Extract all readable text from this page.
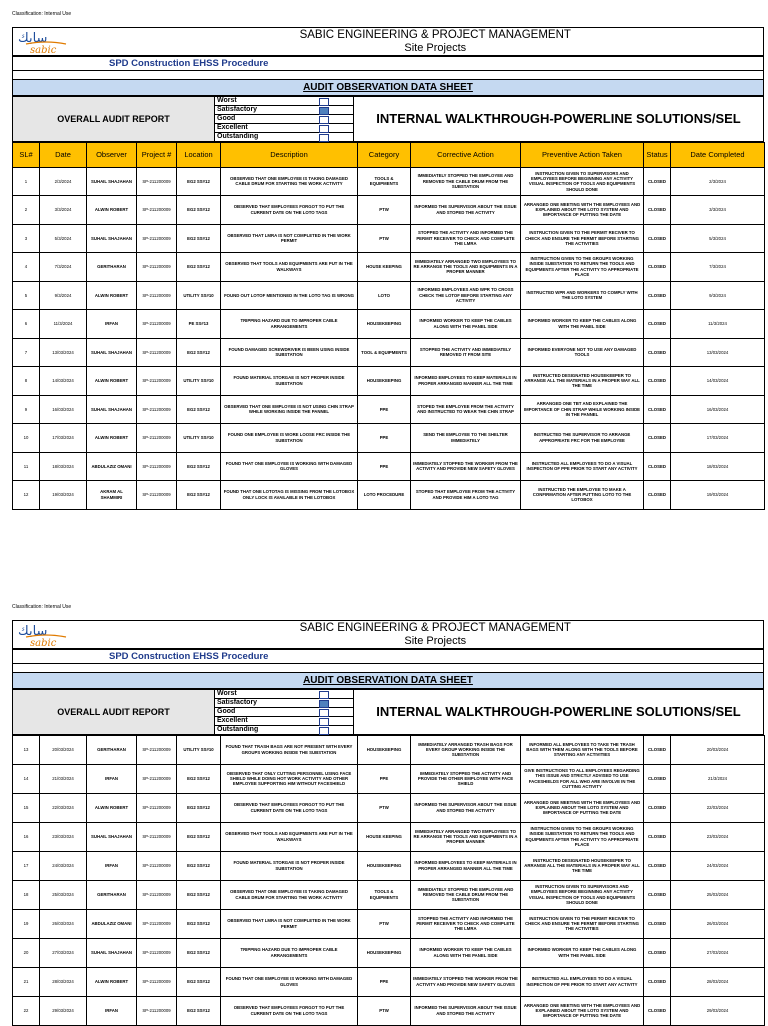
Classification: Internal Use
سابك
sabic

SABIC ENGINEERING & PROJECT MANAGEMENT
Site Projects
SPD Construction EHSS Procedure

AUDIT OBSERVATION DATA SHEET
OVERALL AUDIT REPORT	Worst
	INTERNAL WALKTHROUGH-POWERLINE SOLUTIONS/SEL
Satisfactory

Good

Excellent

Outstanding
SL#	Date	Observer	Project #	Location	Description	Category	Corrective Action	Preventive Action Taken	Status	Date Completed
1	2/3/2024	SUHAIL SHAJAHAN	SP-211200009	EG2 SS#12	OBSERVED THAT ONE EMPLOYEE IS TAKING DAMAGED CABLE DRUM FOR STARTING THE WORK ACTIVITY	TOOLS & EQUIPMENTS	IMMEDIATELY STOPPED THE EMPLOYEE AND REMOVED THE CABLE DRUM FROM THE SUBSTATION	INSTRUCTION GIVEN TO SUPERVISORS AND EMPLOYEES BEFORE BEGINNING ANY ACTIVITY VISUAL INSPECTION OF TOOLS AND EQUIPMENTS SHOULD DONE	CLOSED	2/3/2024
2	3/3/2024	ALWIN ROBERT	SP-211200009	EG2 SS#12	OBSERVED THAT EMPLOYEES FORGOT TO PUT THE CURRENT DATE ON THE LOTO TAGS	PTW	INFORMED THE SUPERVISOR ABOUT THE ISSUE AND STOPED THE ACTIVITY	ARRANGED ONE MEETING WITH THE EMPLOYEES AND EXPLAINED ABOUT THE LOTO SYSTEM AND IMPORTANCE OF PUTTING THE DATE	CLOSED	3/3/2024
3	5/3/2024	SUHAIL SHAJAHAN	SP-211200009	EG2 SS#12	OBSERVED THAT LMRA IS NOT COMPLETED IN THE WORK PERMIT	PTW	STOPPED THE ACTIVITY AND INFORMED THE PERMIT RECEIVER TO CHECK AND COMPLETE THE LMRA	INSTRUCTION GIVEN TO THE PERMIT RECIVER TO CHECK AND ENSURE THE PERMIT BEFORE STARTING THE ACTIVITIES	CLOSED	5/3/2024
4	7/3/2024	GERITHARAN	SP-211200009	EG2 SS#12	OBSERVED THAT TOOLS AND EQUIPMENTS ARE PUT IN THE WALKWAYS	HOUSE KEEPING	IMMEDIATELY ARRANGED TWO EMPLOYEES TO RE ARRANGE THE TOOLS AND EQUIPMENTS IN A PROPER MANNER	INSTRUCTION GIVEN TO THE GROUPS WORKING INSIDE SUBSTATION TO RETURN THE TOOLS AND EQUIPMENTS AFTER THE ACTIVITY TO APPROPRIATE PLACE	CLOSED	7/3/2024
5	9/3/2024	ALWIN ROBERT	SP-211200009	UTILITY SS#10	FOUND OUT LOTOF MENTIONED IN THE LOTO TAG IS WRONG	LOTO	INFORMED EMPLOYEES AND WPR TO CROSS CHECK THE LOTOF BEFORE STARTING ANY ACTIVITY	INSTRUCTED WPR AND WORKERS TO COMPLY WITH THE LOTO SYSTEM	CLOSED	9/3/2024
6	11/3/2024	IRFAN	SP-211200009	PE SS#13	TRIPPING HAZARD DUE TO IMPROPER CABLE ARRANGEMENTS	HOUSEKEEPING	INFORMED WORKER TO KEEP THE CABLES ALONG WITH THE PANEL SIDE	INFORMED WORKER TO KEEP THE CABLES ALONG WITH THE PANEL SIDE	CLOSED	11/3/2024
7	13/03/2024	SUHAIL SHAJAHAN	SP-211200009	EG2 SS#12	FOUND DAMAGED SCREWDRIVER IS BEEN USING INSIDE SUBSTATION	TOOL & EQUIPMENTS	STOPPED THE ACTIVITY AND IMMEDIATELY REMOVED IT FROM SITE	INFORMED EVERYONE NOT TO USE ANY DAMAGED TOOLS	CLOSED	13/03/2024
8	14/03/2024	ALWIN ROBERT	SP-211200009	UTILITY SS#10	FOUND MATERIAL STORGAE IS NOT PROPER INSIDE SUBSTATION	HOUSEKEEPING	INFORMED EMPLOYEES TO KEEP MATERIALS IN PROPER ARRANGED MANNER ALL THE TIME	INSTRUCTED DESIGNATED HOUSEKEEPER TO ARRANGE ALL THE MATERIALS IN A PROPER WAY ALL THE TIME	CLOSED	14/03/2024
9	16/03/2024	SUHAIL SHAJAHAN	SP-211200009	EG2 SS#12	OBSERVED THAT ONE EMPLOYEE IS NOT USING CHIN STRAP WHILE WORKING INSIDE THE PANNEL	PPE	STOPED THE EMPLOYEE FROM THE ACTIVITY AND INSTRUCTED TO WEAR THE CHIN STRAP	ARRANGED ONE TBT AND EXPLAINED THE IMPORTANCE OF CHIN STRAP WHILE WORKING INSIDE IN THE PANNEL	CLOSED	16/03/2024
10	17/03/2024	ALWIN ROBERT	SP-211200009	UTILITY SS#10	FOUND ONE EMPLOYEE IS WORE LOOSE FRC INSIDE THE SUBSTATION	PPE	SEND THE EMPLOYEE TO THE SHELTER IMMEDIATELY	INSTRUCTED THE SUPERVISOR TO ARRANGE APPROPRIATE FRC FOR THE EMPLOYEE	CLOSED	17/03/2024
11	18/03/2024	ABDULAZIZ OMANI	SP-211200009	EG2 SS#12	FOUND THAT ONE EMPLOYEE IS WORKING WITH DAMAGED GLOVES	PPE	IMMEDIATELY STOPPED THE WORKER FROM THE ACTIVITY AND PROVIDE NEW SAFETY GLOVES	INSTRUCTED ALL EMPLOYEES TO DO A VISUAL INSPECTION OF PPE PRIOR TO START ANY ACTIVITY	CLOSED	18/03/2024
12	19/03/2024	AKRAM AL SHAMMIRI	SP-211200009	EG2 SS#12	FOUND THAT ONE LOTOTAG IS MISSING FROM THE LOTOBOX ONLY LOCK IS AVAILABLE IN THE LOTOBOX	LOTO PROCEDURE	STOPED THAT EMPLOYEE FROM THE ACTIVITY AND PROVIDE HIM A LOTO TAG	INSTRUCTED THE EMPLOYEE TO MAKE A CONFIRMATION AFTER PUTTING LOTO TO THE LOTOBOX	CLOSED	19/03/2024
Classification: Internal Use
سابك
sabic

SABIC ENGINEERING & PROJECT MANAGEMENT
Site Projects
SPD Construction EHSS Procedure

AUDIT OBSERVATION DATA SHEET
OVERALL AUDIT REPORT	Worst
	INTERNAL WALKTHROUGH-POWERLINE SOLUTIONS/SEL
Satisfactory

Good

Excellent

Outstanding
13	20/03/2024	GERITHARAN	SP-211200009	UTILITY SS#10	FOUND THAT TRASH BAGS ARE NOT PRESENT WITH EVERY GROUPS WORKING INSIDE THE SUBSTATION	HOUSEKEEPING	IMMEDIATELY ARRANGED TRASH BAGS FOR EVERY GROUP WORKING INSIDE THE SUBSTATION	INFORMED ALL EMPLOYEES TO TAKE THE TRASH BAGS WITH THEM ALONG WITH THE TOOLS BEFORE STARTING ANY ACTIVITIES	CLOSED	20/03/2024
14	21/03/2024	IRFAN	SP-211200009	EG2 SS#12	OBSERVED THAT ONLY CUTTING PERSONNEL USING FACE SHIELD WHILE DOING HOT WORK ACTIVITY AND OTHER EMPLOYEE SUPPORTING HIM WITHOUT FACESHIELD	PPE	IMMEDIATELY STOPPED THE ACTIVITY AND PROVIDE THE OTHER EMPLOYEE WITH FACE SHIELD	GIVE INSTRUCTIONS TO ALL EMPLOYEES REGARDING THIS ISSUE AND STRICTLY ADVISED TO USE FACESHIELDS FOR ALL WHO ARE INVOLVE IN THE CUTTING ACTIVITY	CLOSED	21/3/2024
15	22/03/2024	ALWIN ROBERT	SP-211200009	EG2 SS#12	OBSERVED THAT EMPLOYEES FORGOT TO PUT THE CURRENT DATE ON THE LOTO TAGS	PTW	INFORMED THE SUPERVISOR ABOUT THE ISSUE AND STOPED THE ACTIVITY	ARRANGED ONE MEETING WITH THE EMPLOYEES AND EXPLAINED ABOUT THE LOTO SYSTEM AND IMPORTANCE OF PUTTING THE DATE	CLOSED	22/03/2024
16	23/03/2024	SUHAIL SHAJAHAN	SP-211200009	EG2 SS#12	OBSERVED THAT TOOLS AND EQUIPMENTS ARE PUT IN THE WALKWAYS	HOUSE KEEPING	IMMEDIATELY ARRANGED TWO EMPLOYEES TO RE ARRANGE THE TOOLS AND EQUIPMENTS IN A PROPER MANNER	INSTRUCTION GIVEN TO THE GROUPS WORKING INSIDE SUBSTATION TO RETURN THE TOOLS AND EQUIPMENTS AFTER THE ACTIVITY TO APPROPRIATE PLACE	CLOSED	23/03/2024
17	24/03/2024	IRFAN	SP-211200009	EG2 SS#12	FOUND MATERIAL STORGAE IS NOT PROPER INSIDE SUBSTATION	HOUSEKEEPING	INFORMED EMPLOYEES TO KEEP MATERIALS IN PROPER ARRANGED MANNER ALL THE TIME	INSTRUCTED DESIGNATED HOUSEKEEPER TO ARRANGE ALL THE MATERIALS IN A PROPER WAY ALL THE TIME	CLOSED	24/03/2024
18	25/03/2024	GERITHARAN	SP-211200009	EG2 SS#12	OBSERVED THAT ONE EMPLOYEE IS TAKING DAMAGED CABLE DRUM FOR STARTING THE WORK ACTIVITY	TOOLS & EQUIPMENTS	IMMEDIATELY STOPPED THE EMPLOYEE AND REMOVED THE CABLE DRUM FROM THE SUBSTATION	INSTRUCTION GIVEN TO SUPERVISORS AND EMPLOYEES BEFORE BEGINNING ANY ACTIVITY VISUAL INSPECTION OF TOOLS AND EQUIPMENTS SHOULD DONE	CLOSED	25/03/2024
19	26/03/2024	ABDULAZIZ OMANI	SP-211200009	EG2 SS#12	OBSERVED THAT LMRA IS NOT COMPLETED IN THE WORK PERMIT	PTW	STOPPED THE ACTIVITY AND INFORMED THE PERMIT RECEIVER TO CHECK AND COMPLETE THE LMRA	INSTRUCTION GIVEN TO THE PERMIT RECIVER TO CHECK AND ENSURE THE PERMIT BEFORE STARTING THE ACTIVITIES	CLOSED	26/03/2024
20	27/03/2024	SUHAIL SHAJAHAN	SP-211200009	EG2 SS#12	TRIPPING HAZARD DUE TO IMPROPER CABLE ARRANGEMENTS	HOUSEKEEPING	INFORMED WORKER TO KEEP THE CABLES ALONG WITH THE PANEL SIDE	INFORMED WORKER TO KEEP THE CABLES ALONG WITH THE PANEL SIDE	CLOSED	27/03/2024
21	28/03/2024	ALWIN ROBERT	SP-211200009	EG2 SS#12	FOUND THAT ONE EMPLOYEE IS WORKING WITH DAMAGED GLOVES	PPE	IMMEDIATELY STOPPED THE WORKER FROM THE ACTIVITY AND PROVIDE NEW SAFETY GLOVES	INSTRUCTED ALL EMPLOYEES TO DO A VISUAL INSPECTION OF PPE PRIOR TO START ANY ACTIVITY	CLOSED	28/03/2024
22	29/03/2024	IRFAN	SP-211200009	EG2 SS#12	OBSERVED THAT EMPLOYEES FORGOT TO PUT THE CURRENT DATE ON THE LOTO TAGS	PTW	INFORMED THE SUPERVISOR ABOUT THE ISSUE AND STOPED THE ACTIVITY	ARRANGED ONE MEETING WITH THE EMPLOYEES AND EXPLAINED ABOUT THE LOTO SYSTEM AND IMPORTANCE OF PUTTING THE DATE	CLOSED	29/03/2024
